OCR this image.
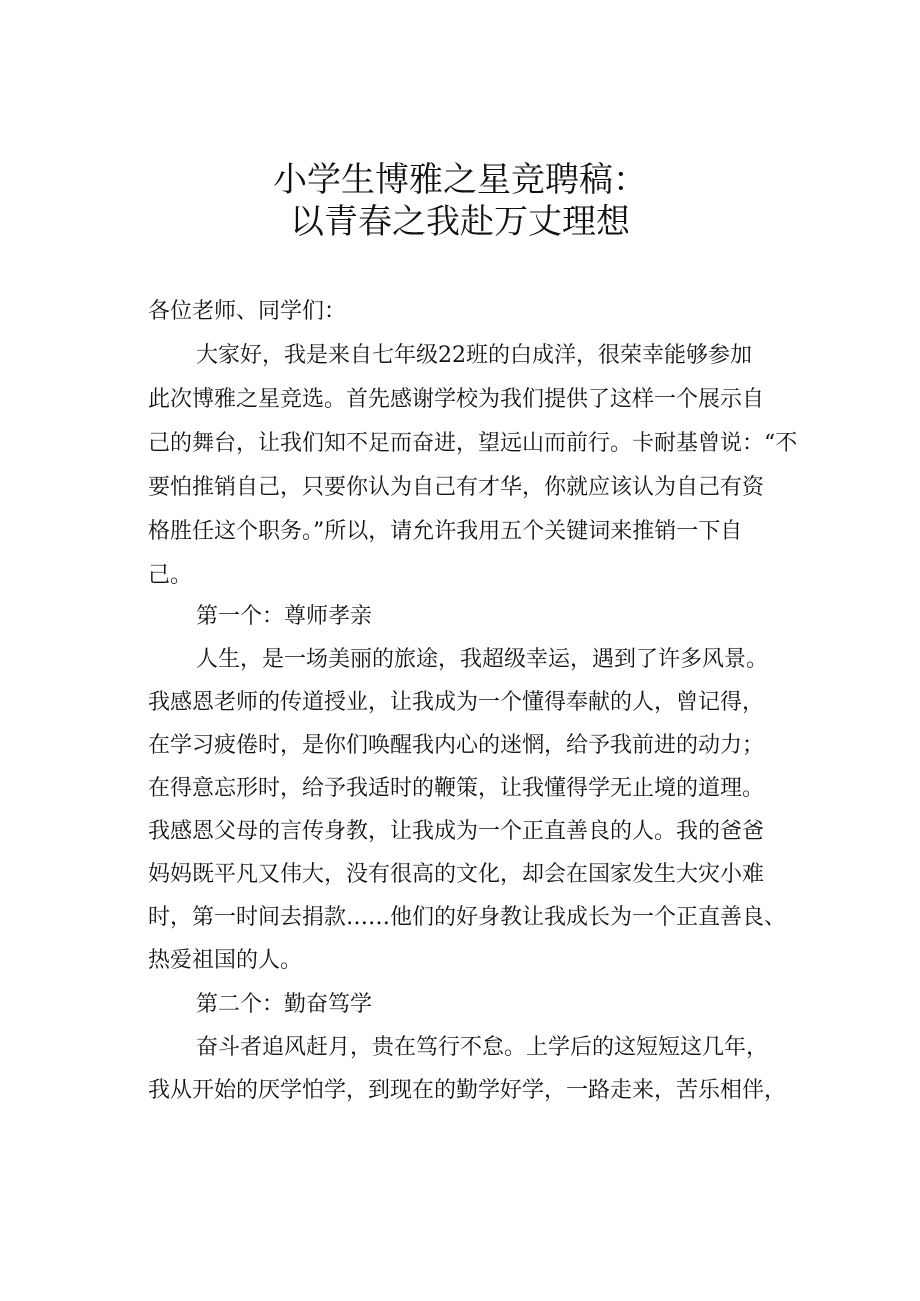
小学生博雅之星竞聘稿：
以青春之我赴万丈理想
各位老师、同学们：
大家好，我是来自七年级22班的白成洋，很荣幸能够参加
此次博雅之星竞选。首先感谢学校为我们提供了这样一个展示自
己的舞台，让我们知不足而奋进，望远山而前行。卡耐基曾说：“不
要怕推销自己，只要你认为自己有才华，你就应该认为自己有资
格胜任这个职务。”所以，请允许我用五个关键词来推销一下自
己。
第一个：尊师孝亲
人生，是一场美丽的旅途，我超级幸运，遇到了许多风景。
我感恩老师的传道授业，让我成为一个懂得奉献的人，曾记得，
在学习疲倦时，是你们唤醒我内心的迷惘，给予我前进的动力；
在得意忘形时，给予我适时的鞭策，让我懂得学无止境的道理。
我感恩父母的言传身教，让我成为一个正直善良的人。我的爸爸
妈妈既平凡又伟大，没有很高的文化，却会在国家发生大灾小难
时，第一时间去捐款……他们的好身教让我成长为一个正直善良、
热爱祖国的人。
第二个：勤奋笃学
奋斗者追风赶月，贵在笃行不怠。上学后的这短短这几年，
我从开始的厌学怕学，到现在的勤学好学，一路走来，苦乐相伴，
